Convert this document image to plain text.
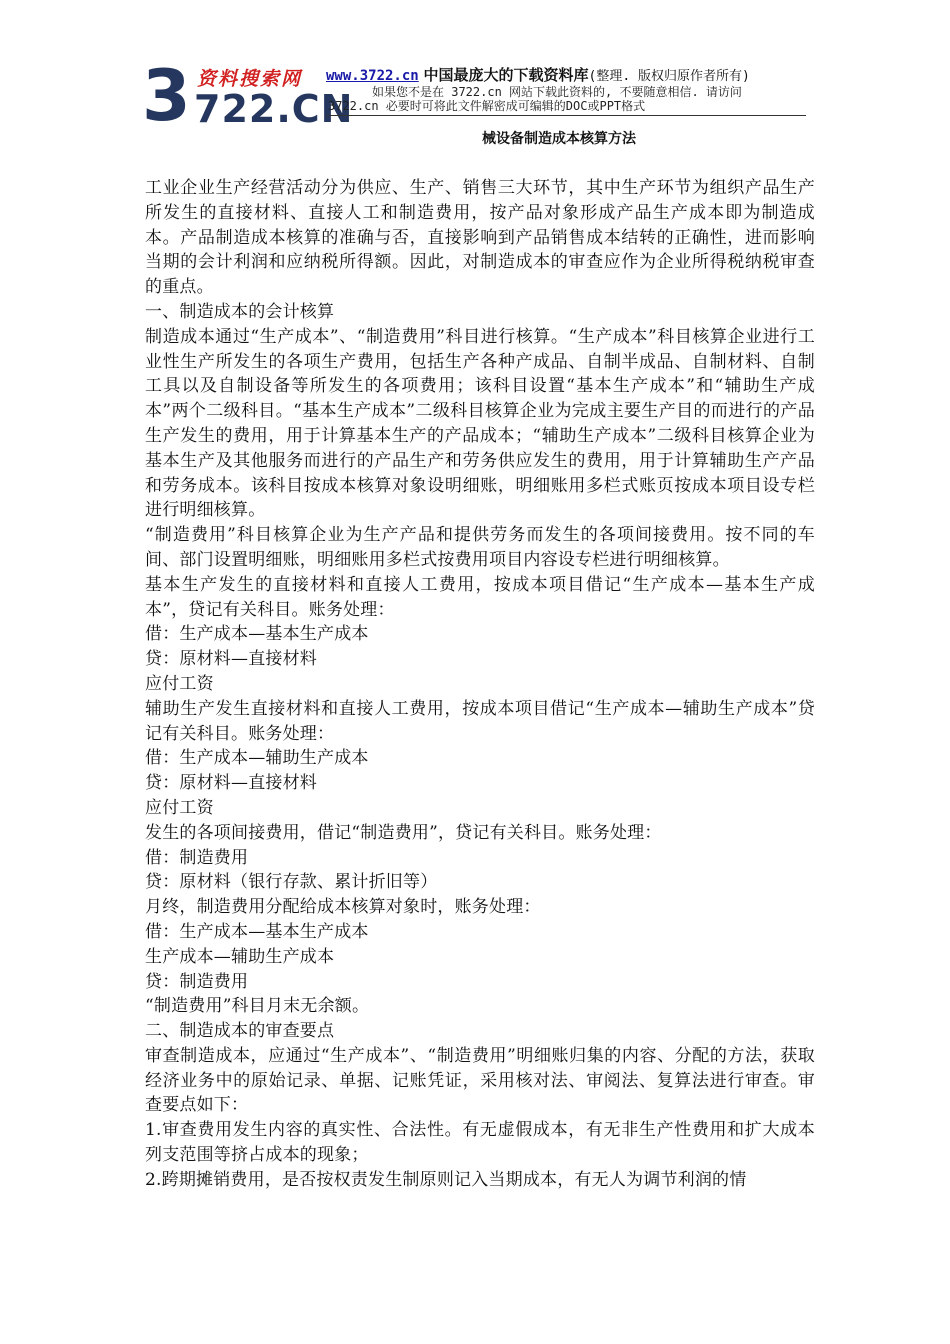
3 资料搜索网
722.CN
www.3722.cn 中国最庞大的下载资料库(整理. 版权归原作者所有)
如果您不是在 3722.cn 网站下载此资料的, 不要随意相信. 请访问
3722.cn 必要时可将此文件解密成可编辑的DOC或PPT格式
械设备制造成本核算方法

工业企业生产经营活动分为供应、生产、销售三大环节，其中生产环节为组织产品生产所发生的直接材料、直接人工和制造费用，按产品对象形成产品生产成本即为制造成本。产品制造成本核算的准确与否，直接影响到产品销售成本结转的正确性，进而影响当期的会计利润和应纳税所得额。因此，对制造成本的审查应作为企业所得税纳税审查的重点。

一、制造成本的会计核算

制造成本通过“生产成本”、“制造费用”科目进行核算。“生产成本”科目核算企业进行工业性生产所发生的各项生产费用，包括生产各种产成品、自制半成品、自制材料、自制工具以及自制设备等所发生的各项费用；该科目设置“基本生产成本”和“辅助生产成本”两个二级科目。“基本生产成本”二级科目核算企业为完成主要生产目的而进行的产品生产发生的费用，用于计算基本生产的产品成本；“辅助生产成本”二级科目核算企业为基本生产及其他服务而进行的产品生产和劳务供应发生的费用，用于计算辅助生产产品和劳务成本。该科目按成本核算对象设明细账，明细账用多栏式账页按成本项目设专栏进行明细核算。

“制造费用”科目核算企业为生产产品和提供劳务而发生的各项间接费用。按不同的车间、部门设置明细账，明细账用多栏式按费用项目内容设专栏进行明细核算。

基本生产发生的直接材料和直接人工费用，按成本项目借记“生产成本—基本生产成本”，贷记有关科目。账务处理：

借：生产成本—基本生产成本

贷：原材料—直接材料

应付工资

辅助生产发生直接材料和直接人工费用，按成本项目借记“生产成本—辅助生产成本”贷记有关科目。账务处理：

借：生产成本—辅助生产成本

贷：原材料—直接材料

应付工资

发生的各项间接费用，借记“制造费用”，贷记有关科目。账务处理：

借：制造费用

贷：原材料（银行存款、累计折旧等）

月终，制造费用分配给成本核算对象时，账务处理：

借：生产成本—基本生产成本

生产成本—辅助生产成本

贷：制造费用

“制造费用”科目月末无余额。

二、制造成本的审查要点

审查制造成本，应通过“生产成本”、“制造费用”明细账归集的内容、分配的方法，获取经济业务中的原始记录、单据、记账凭证，采用核对法、审阅法、复算法进行审查。审查要点如下：

1.审查费用发生内容的真实性、合法性。有无虚假成本，有无非生产性费用和扩大成本列支范围等挤占成本的现象；

2.跨期摊销费用，是否按权责发生制原则记入当期成本，有无人为调节利润的情
